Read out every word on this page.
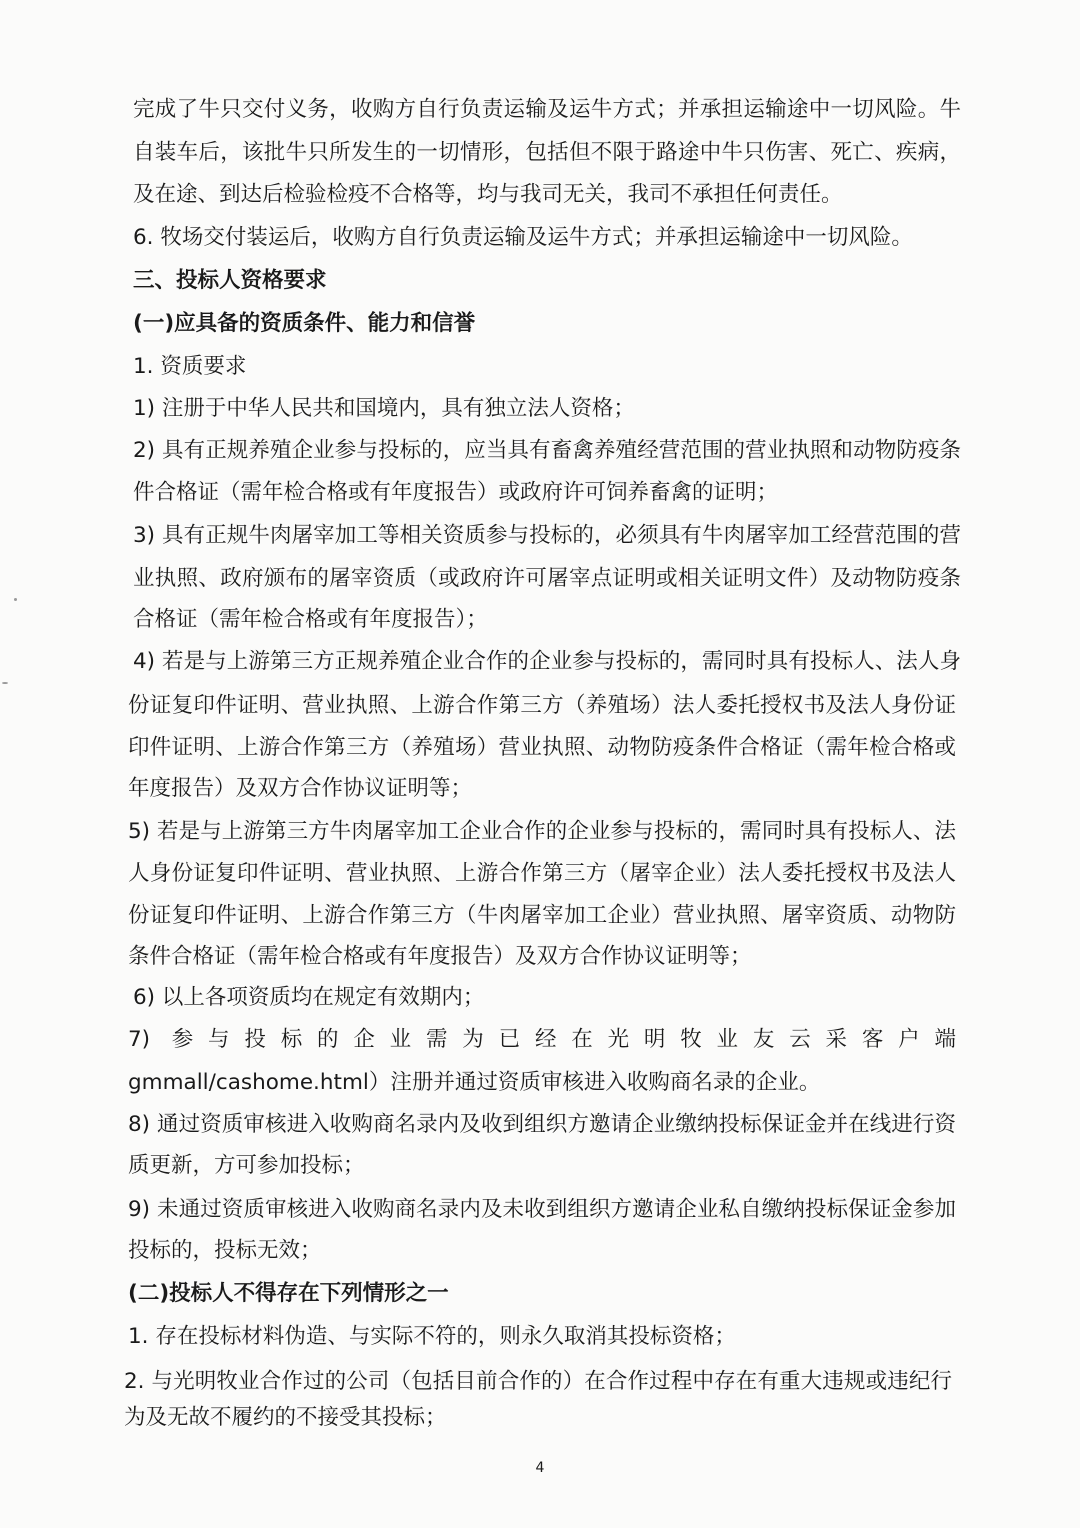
完成了牛只交付义务，收购方自行负责运输及运牛方式；并承担运输途中一切风险。牛
自装车后，该批牛只所发生的一切情形，包括但不限于路途中牛只伤害、死亡、疾病，
及在途、到达后检验检疫不合格等，均与我司无关，我司不承担任何责任。
6. 牧场交付装运后，收购方自行负责运输及运牛方式；并承担运输途中一切风险。
三、投标人资格要求
(一)应具备的资质条件、能力和信誉
1. 资质要求
1) 注册于中华人民共和国境内，具有独立法人资格；
2) 具有正规养殖企业参与投标的，应当具有畜禽养殖经营范围的营业执照和动物防疫条
件合格证（需年检合格或有年度报告）或政府许可饲养畜禽的证明；
3) 具有正规牛肉屠宰加工等相关资质参与投标的，必须具有牛肉屠宰加工经营范围的营
业执照、政府颁布的屠宰资质（或政府许可屠宰点证明或相关证明文件）及动物防疫条
合格证（需年检合格或有年度报告）；
4) 若是与上游第三方正规养殖企业合作的企业参与投标的，需同时具有投标人、法人身
份证复印件证明、营业执照、上游合作第三方（养殖场）法人委托授权书及法人身份证
印件证明、上游合作第三方（养殖场）营业执照、动物防疫条件合格证（需年检合格或
年度报告）及双方合作协议证明等；
5) 若是与上游第三方牛肉屠宰加工企业合作的企业参与投标的，需同时具有投标人、法
人身份证复印件证明、营业执照、上游合作第三方（屠宰企业）法人委托授权书及法人
份证复印件证明、上游合作第三方（牛肉屠宰加工企业）营业执照、屠宰资质、动物防
条件合格证（需年检合格或有年度报告）及双方合作协议证明等；
6) 以上各项资质均在规定有效期内；
7) 参与投标的企业需为已经在光明牧业友云采客户端
gmmall/cashome.html）注册并通过资质审核进入收购商名录的企业。
8) 通过资质审核进入收购商名录内及收到组织方邀请企业缴纳投标保证金并在线进行资
质更新，方可参加投标；
9) 未通过资质审核进入收购商名录内及未收到组织方邀请企业私自缴纳投标保证金参加
投标的，投标无效；
(二)投标人不得存在下列情形之一
1. 存在投标材料伪造、与实际不符的，则永久取消其投标资格；
2. 与光明牧业合作过的公司（包括目前合作的）在合作过程中存在有重大违规或违纪行
为及无故不履约的不接受其投标；
4
